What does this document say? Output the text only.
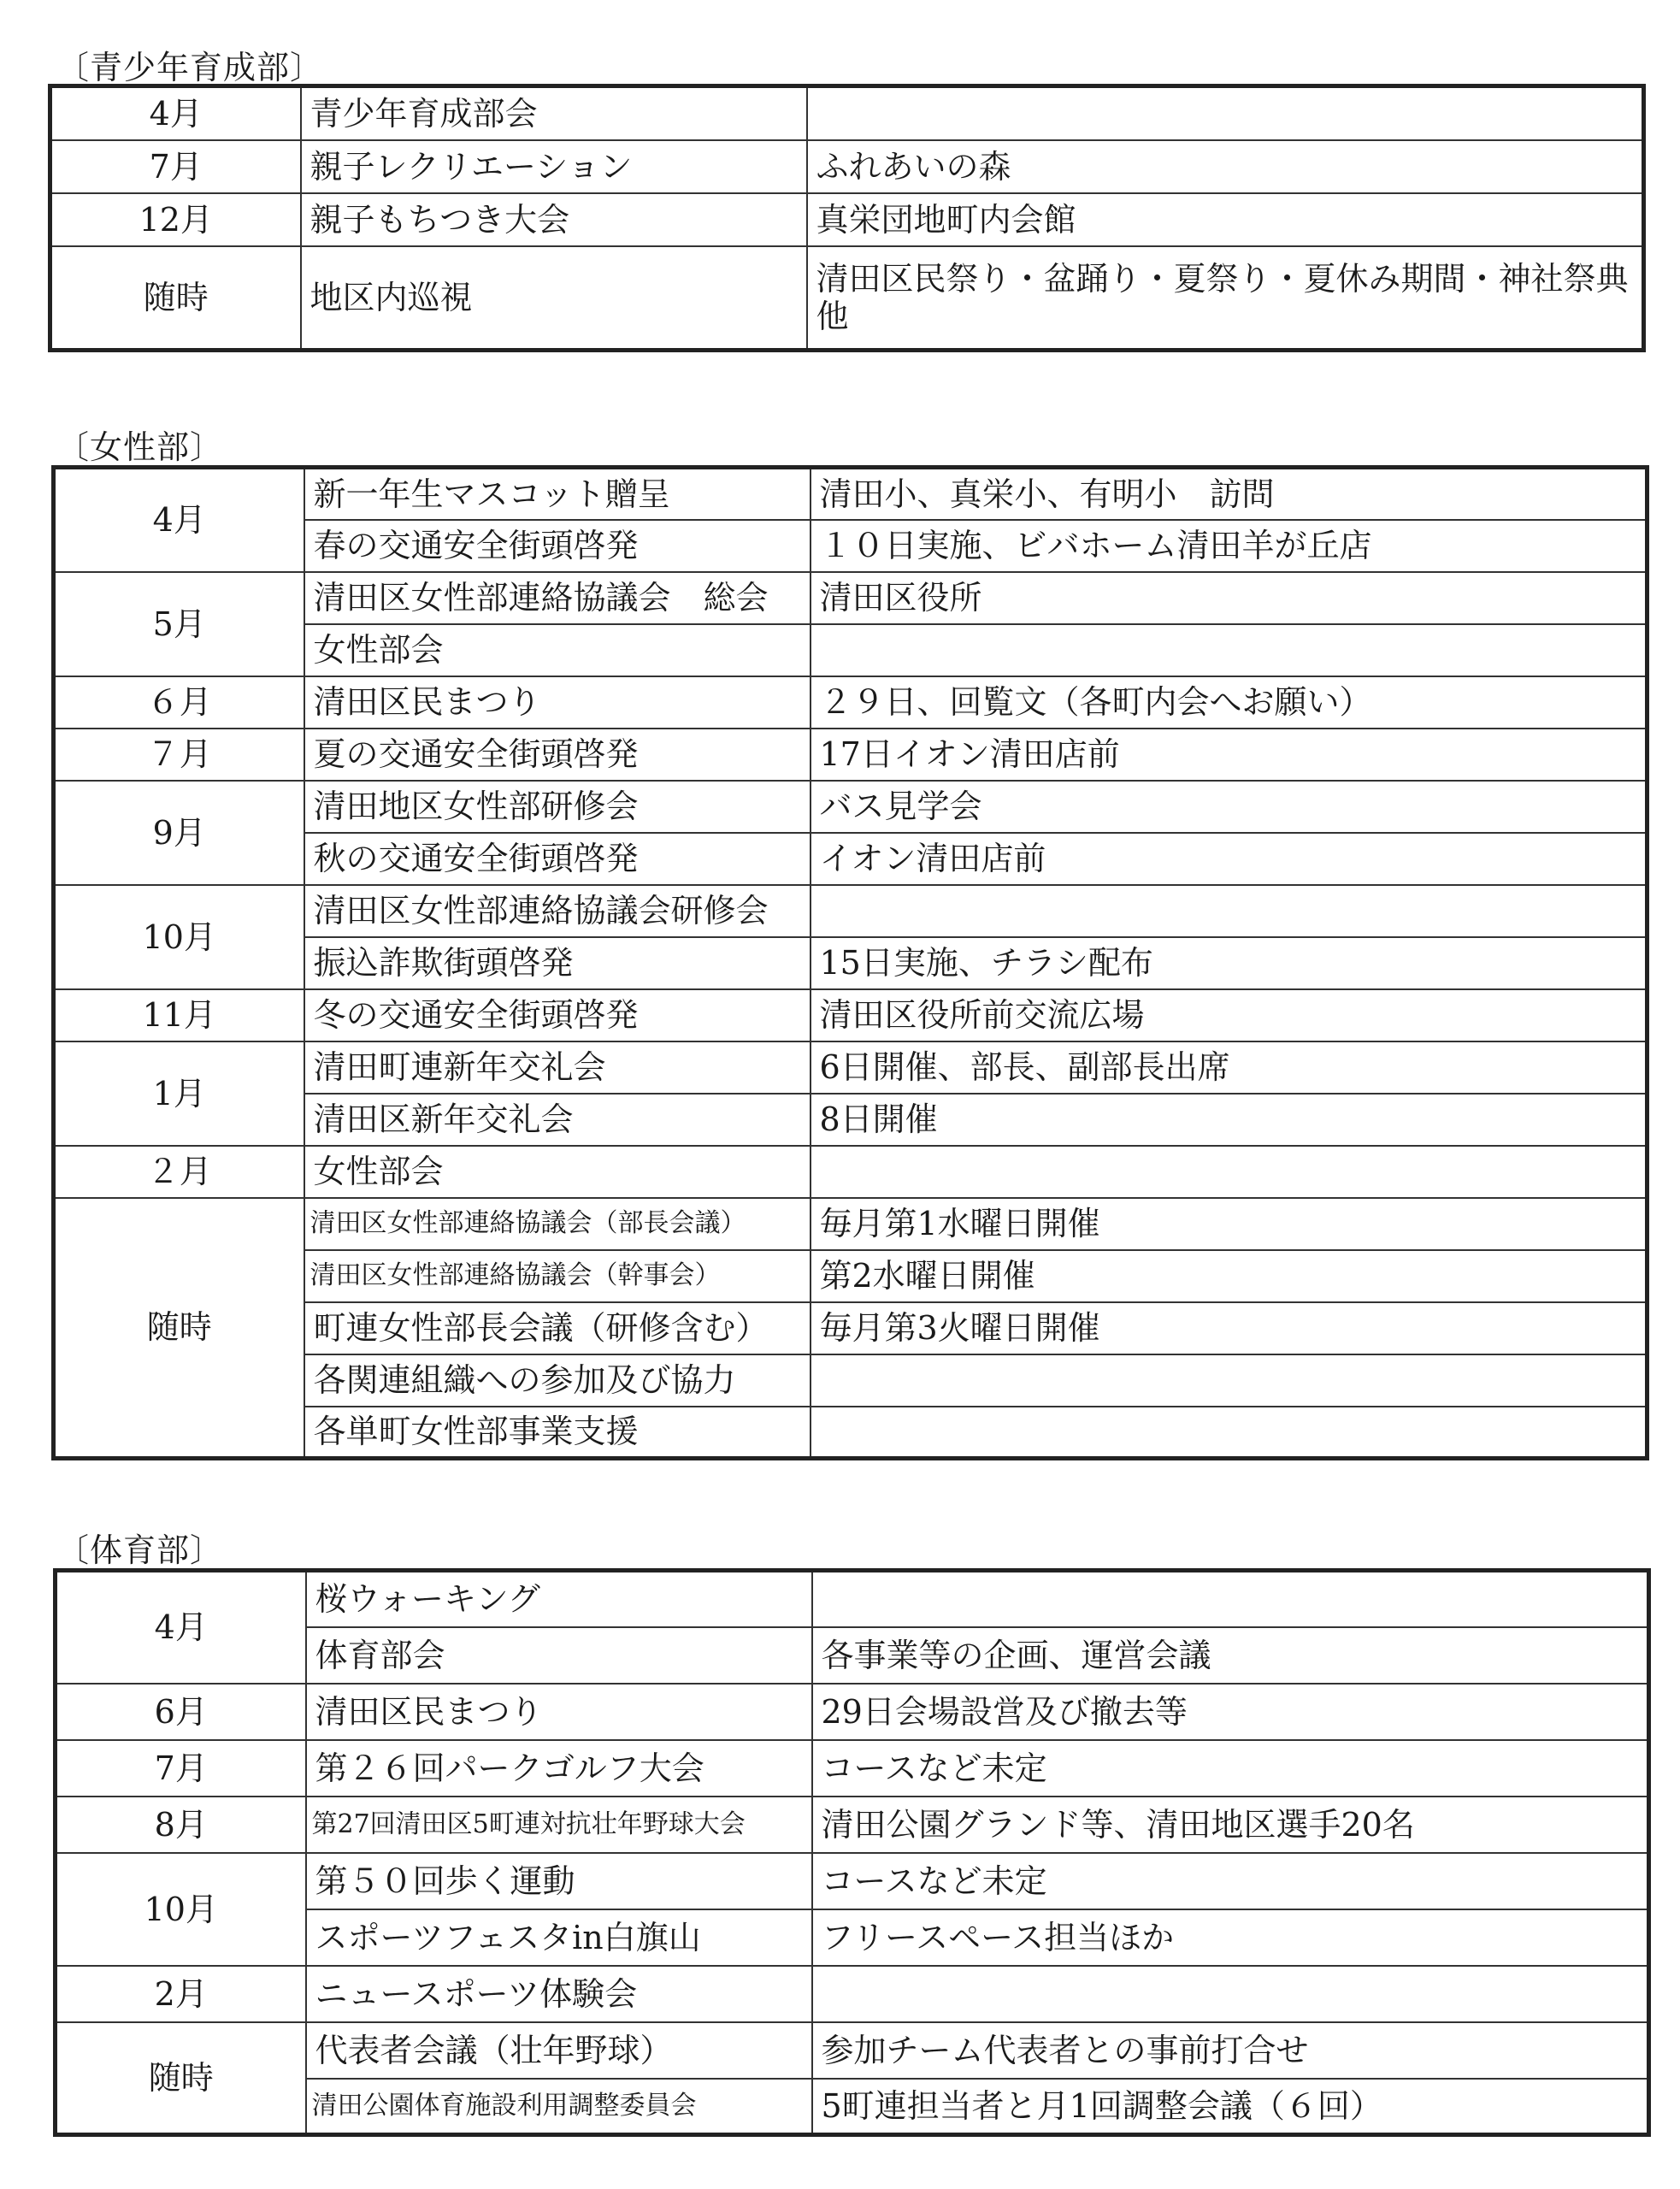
〔青少年育成部〕
4月	青少年育成部会	
7月	親子レクリエーション	ふれあいの森
12月	親子もちつき大会	真栄団地町内会館
随時	地区内巡視	清田区民祭り・盆踊り・夏祭り・夏休み期間・神社祭典他
〔女性部〕
4月	新一年生マスコット贈呈	清田小、真栄小、有明小　訪問
	春の交通安全街頭啓発	１０日実施、ビバホーム清田羊が丘店
5月	清田区女性部連絡協議会　総会	清田区役所
	女性部会	
６月	清田区民まつり	２９日、回覧文（各町内会へお願い）
７月	夏の交通安全街頭啓発	17日イオン清田店前
9月	清田地区女性部研修会	バス見学会
	秋の交通安全街頭啓発	イオン清田店前
10月	清田区女性部連絡協議会研修会	
	振込詐欺街頭啓発	15日実施、チラシ配布
11月	冬の交通安全街頭啓発	清田区役所前交流広場
1月	清田町連新年交礼会	6日開催、部長、副部長出席
	清田区新年交礼会	8日開催
２月	女性部会	
随時	清田区女性部連絡協議会（部長会議）	毎月第1水曜日開催
	清田区女性部連絡協議会（幹事会）	第2水曜日開催
	町連女性部長会議（研修含む）	毎月第3火曜日開催
	各関連組織への参加及び協力	
	各単町女性部事業支援	
〔体育部〕
4月	桜ウォーキング	
	体育部会	各事業等の企画、運営会議
6月	清田区民まつり	29日会場設営及び撤去等
7月	第２６回パークゴルフ大会	コースなど未定
8月	第27回清田区5町連対抗壮年野球大会	清田公園グランド等、清田地区選手20名
10月	第５０回歩く運動	コースなど未定
	スポーツフェスタin白旗山	フリースペース担当ほか
2月	ニュースポーツ体験会	
随時	代表者会議（壮年野球）	参加チーム代表者との事前打合せ
	清田公園体育施設利用調整委員会	5町連担当者と月1回調整会議（６回）
